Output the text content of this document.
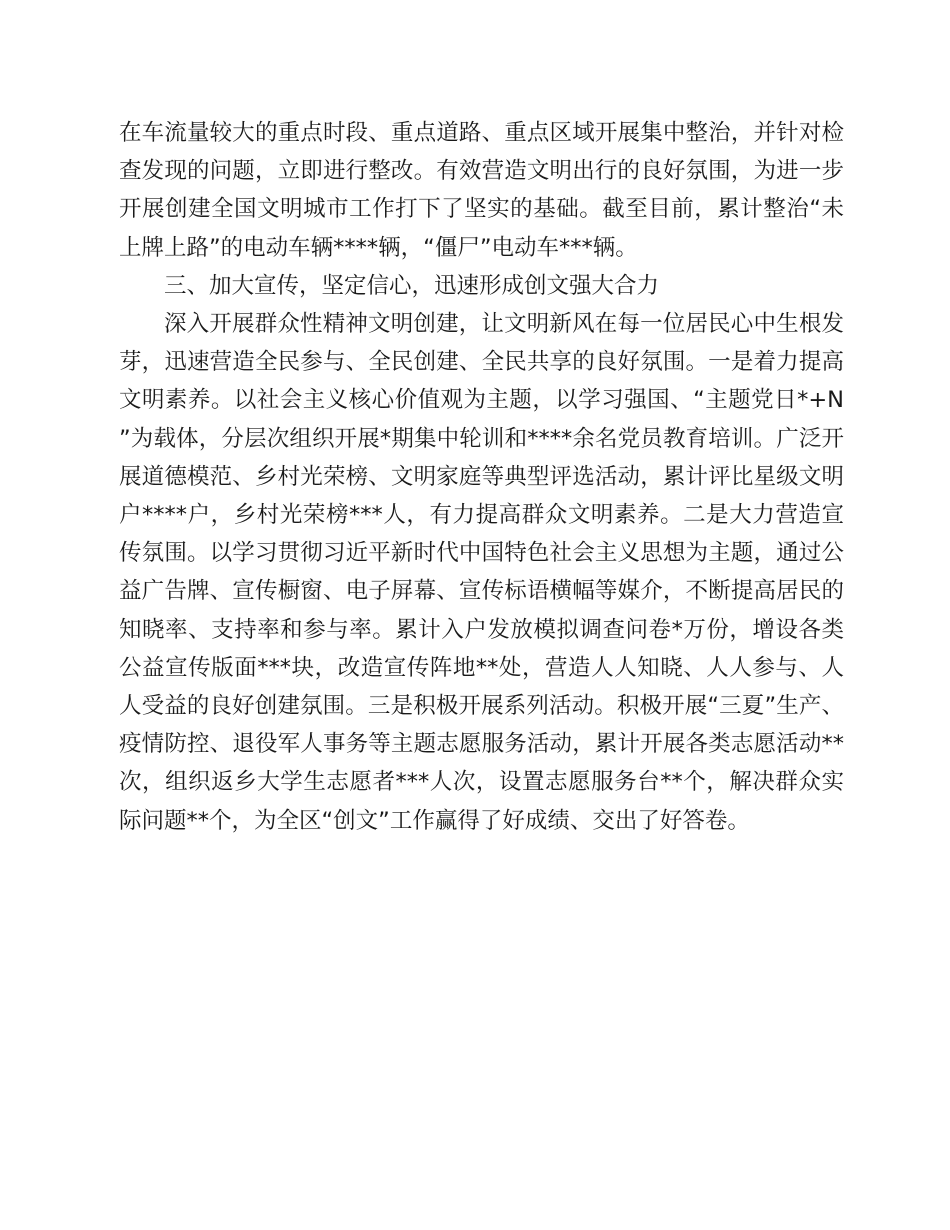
在车流量较大的重点时段、重点道路、重点区域开展集中整治，并针对检查发现的问题，立即进行整改。有效营造文明出行的良好氛围，为进一步开展创建全国文明城市工作打下了坚实的基础。截至目前，累计整治“未上牌上路”的电动车辆****辆，“僵尸”电动车***辆。

三、加大宣传，坚定信心，迅速形成创文强大合力

深入开展群众性精神文明创建，让文明新风在每一位居民心中生根发芽，迅速营造全民参与、全民创建、全民共享的良好氛围。一是着力提高文明素养。以社会主义核心价值观为主题，以学习强国、“主题党日*+N ”为载体，分层次组织开展*期集中轮训和****余名党员教育培训。广泛开展道德模范、乡村光荣榜、文明家庭等典型评选活动，累计评比星级文明户****户，乡村光荣榜***人，有力提高群众文明素养。二是大力营造宣传氛围。以学习贯彻习近平新时代中国特色社会主义思想为主题，通过公益广告牌、宣传橱窗、电子屏幕、宣传标语横幅等媒介，不断提高居民的知晓率、支持率和参与率。累计入户发放模拟调查问卷*万份，增设各类公益宣传版面***块，改造宣传阵地**处，营造人人知晓、人人参与、人人受益的良好创建氛围。三是积极开展系列活动。积极开展“三夏”生产、疫情防控、退役军人事务等主题志愿服务活动，累计开展各类志愿活动**次，组织返乡大学生志愿者***人次，设置志愿服务台**个，解决群众实际问题**个，为全区“创文”工作赢得了好成绩、交出了好答卷。
